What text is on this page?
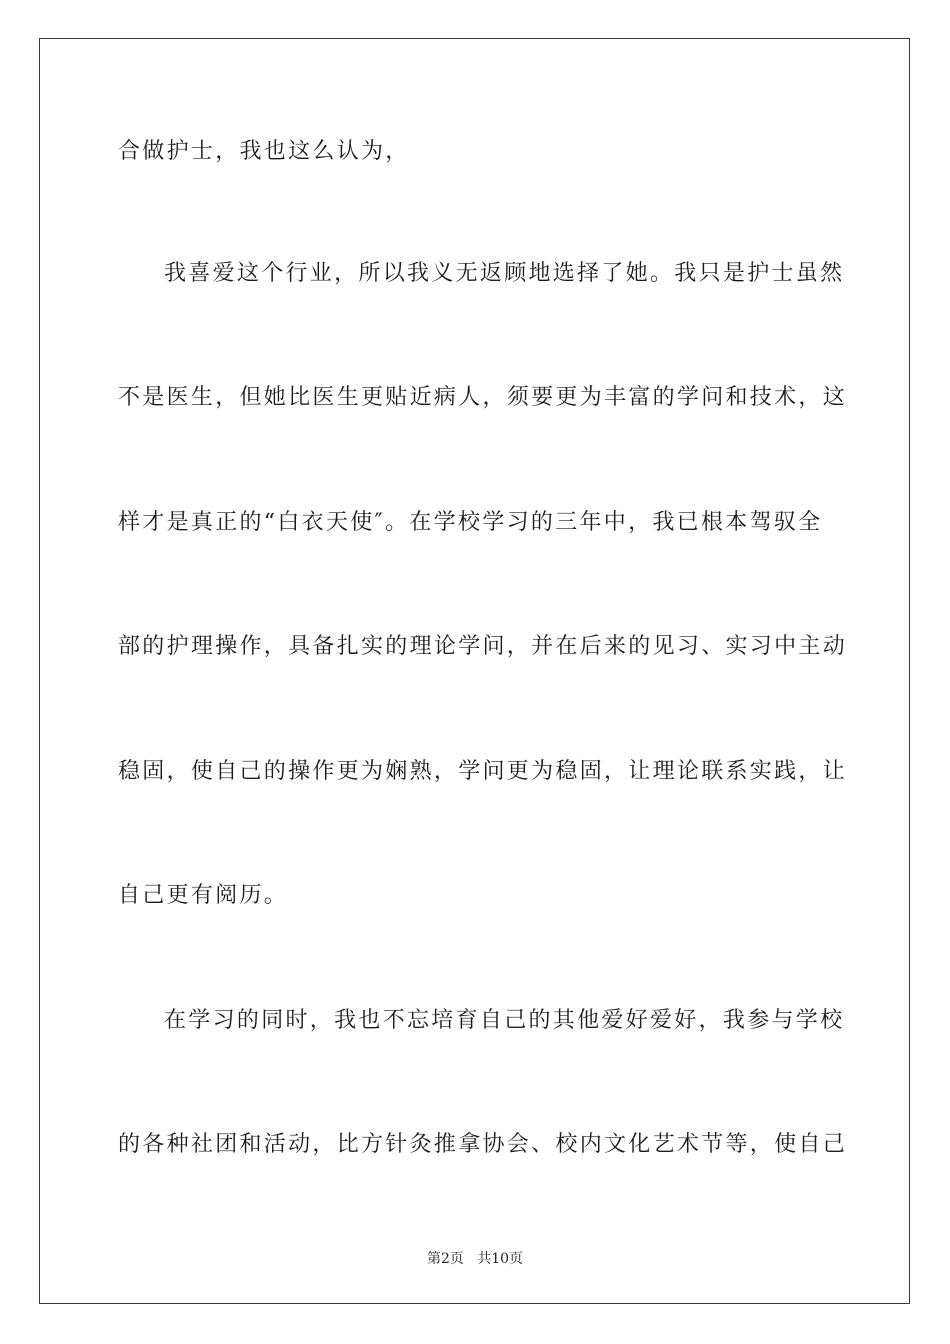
合做护士，我也这么认为，
我喜爱这个行业，所以我义无返顾地选择了她。我只是护士虽然
不是医生，但她比医生更贴近病人，须要更为丰富的学问和技术，这
样才是真正的“白衣天使″。在学校学习的三年中，我已根本驾驭全
部的护理操作，具备扎实的理论学问，并在后来的见习、实习中主动
稳固，使自己的操作更为娴熟，学问更为稳固，让理论联系实践，让
自己更有阅历。
在学习的同时，我也不忘培育自己的其他爱好爱好，我参与学校
的各种社团和活动，比方针灸推拿协会、校内文化艺术节等，使自己
第2页   共10页
